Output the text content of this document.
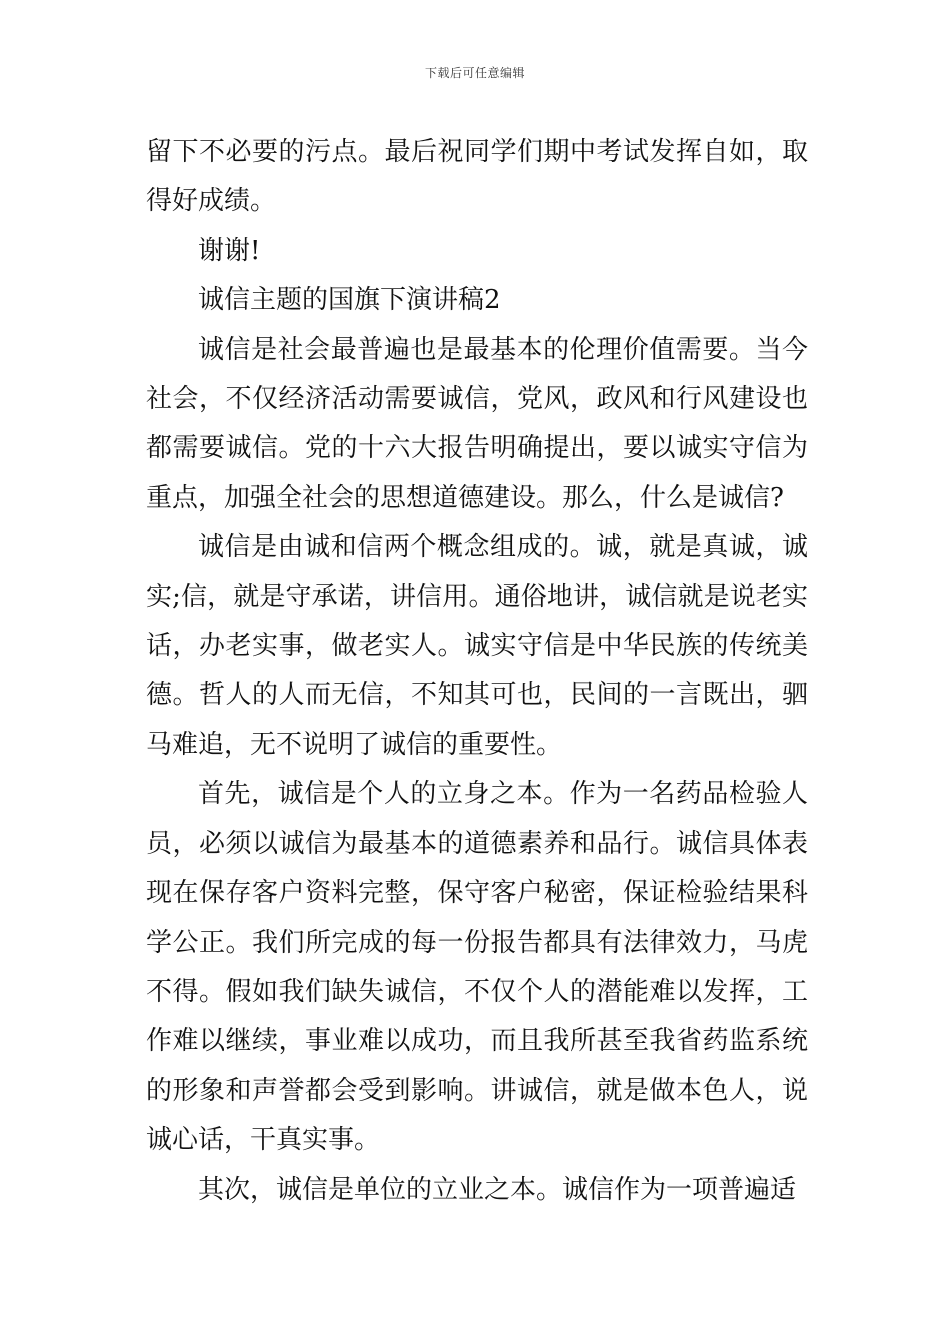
下载后可任意编辑

留下不必要的污点。最后祝同学们期中考试发挥自如，取得好成绩。

谢谢!

诚信主题的国旗下演讲稿2

诚信是社会最普遍也是最基本的伦理价值需要。当今社会，不仅经济活动需要诚信，党风，政风和行风建设也都需要诚信。党的十六大报告明确提出，要以诚实守信为重点，加强全社会的思想道德建设。那么，什么是诚信?

诚信是由诚和信两个概念组成的。诚，就是真诚，诚实;信，就是守承诺，讲信用。通俗地讲，诚信就是说老实话，办老实事，做老实人。诚实守信是中华民族的传统美德。哲人的人而无信，不知其可也，民间的一言既出，驷马难追，无不说明了诚信的重要性。

首先，诚信是个人的立身之本。作为一名药品检验人员，必须以诚信为最基本的道德素养和品行。诚信具体表现在保存客户资料完整，保守客户秘密，保证检验结果科学公正。我们所完成的每一份报告都具有法律效力，马虎不得。假如我们缺失诚信，不仅个人的潜能难以发挥，工作难以继续，事业难以成功，而且我所甚至我省药监系统的形象和声誉都会受到影响。讲诚信，就是做本色人，说诚心话，干真实事。

其次，诚信是单位的立业之本。诚信作为一项普遍适
